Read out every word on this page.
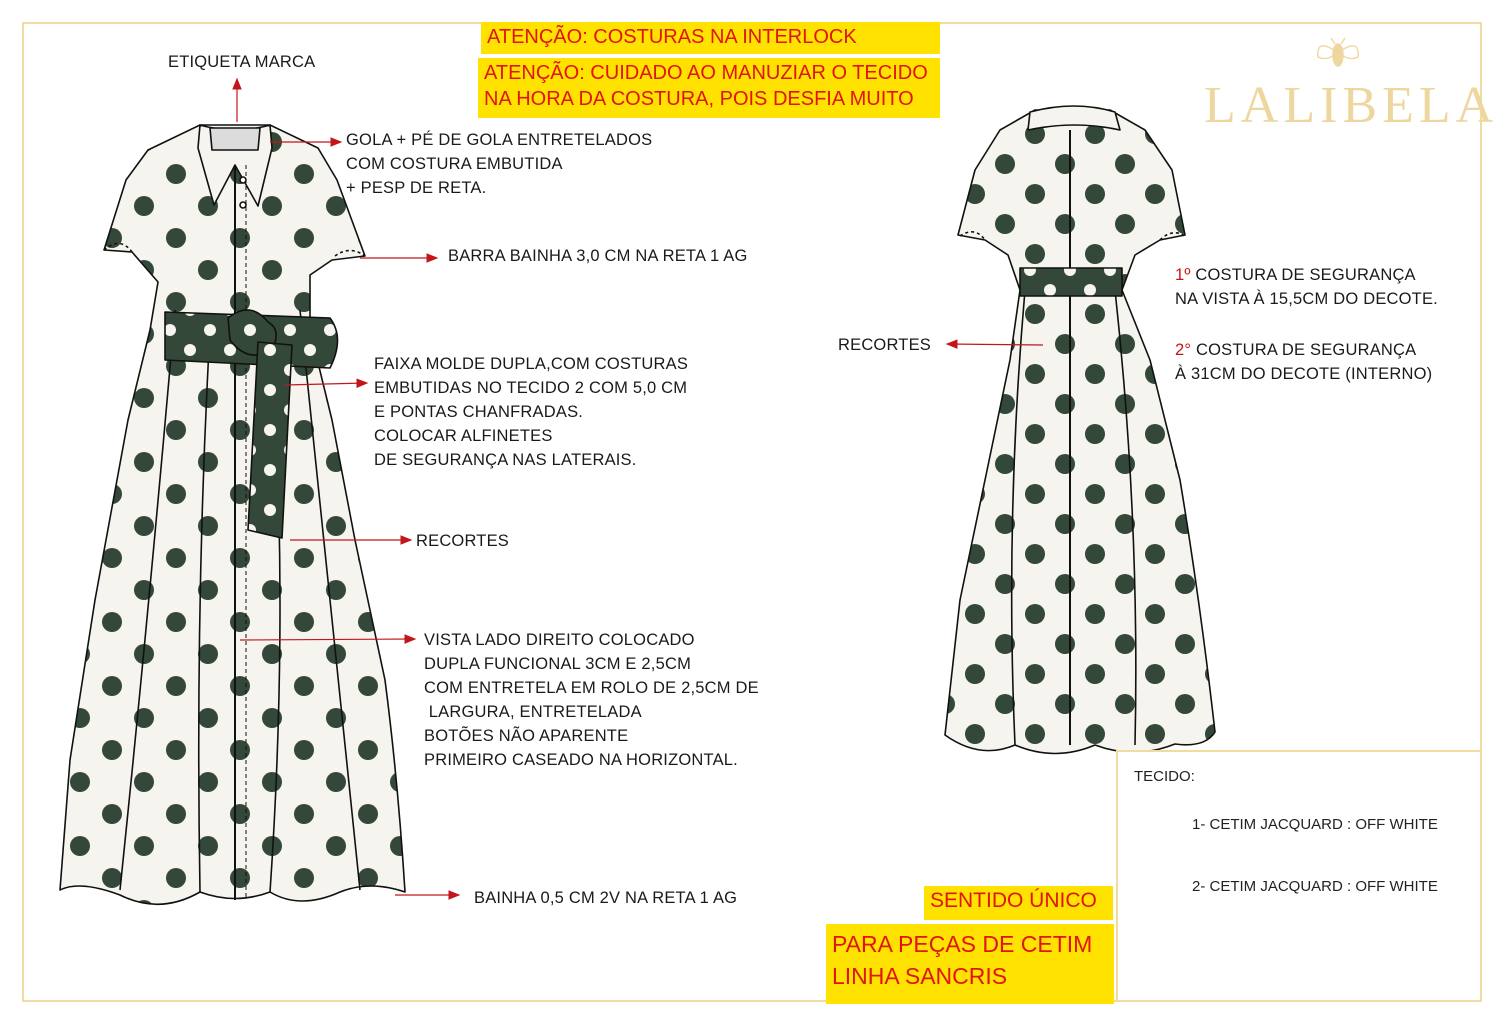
ATENÇÃO: COSTURAS NA INTERLOCK
ATENÇÃO: CUIDADO AO MANUZIAR O TECIDO
NA HORA DA COSTURA, POIS DESFIA MUITO	LALIBELA
ETIQUETA MARCA
GOLA + PÉ DE GOLA ENTRETELADOS
COM COSTURA EMBUTIDA
+ PESP DE RETA.
BARRA BAINHA 3,0 CM NA RETA 1 AG
FAIXA MOLDE DUPLA,COM COSTURAS
EMBUTIDAS NO TECIDO 2 COM 5,0 CM
E PONTAS CHANFRADAS.
COLOCAR ALFINETES
DE SEGURANÇA NAS LATERAIS.
RECORTES
VISTA LADO DIREITO COLOCADO
DUPLA FUNCIONAL 3CM E 2,5CM
COM ENTRETELA EM ROLO DE 2,5CM DE
LARGURA, ENTRETELADA
BOTÕES NÃO APARENTE
PRIMEIRO CASEADO NA HORIZONTAL.
BAINHA 0,5 CM 2V NA RETA 1 AG
RECORTES
1º COSTURA DE SEGURANÇA
NA VISTA À 15,5CM DO DECOTE.
2° COSTURA DE SEGURANÇA
À 31CM DO DECOTE (INTERNO)
SENTIDO ÚNICO
PARA PEÇAS DE CETIM
LINHA SANCRIS
TECIDO:
1- CETIM JACQUARD : OFF WHITE
2- CETIM JACQUARD : OFF WHITE
